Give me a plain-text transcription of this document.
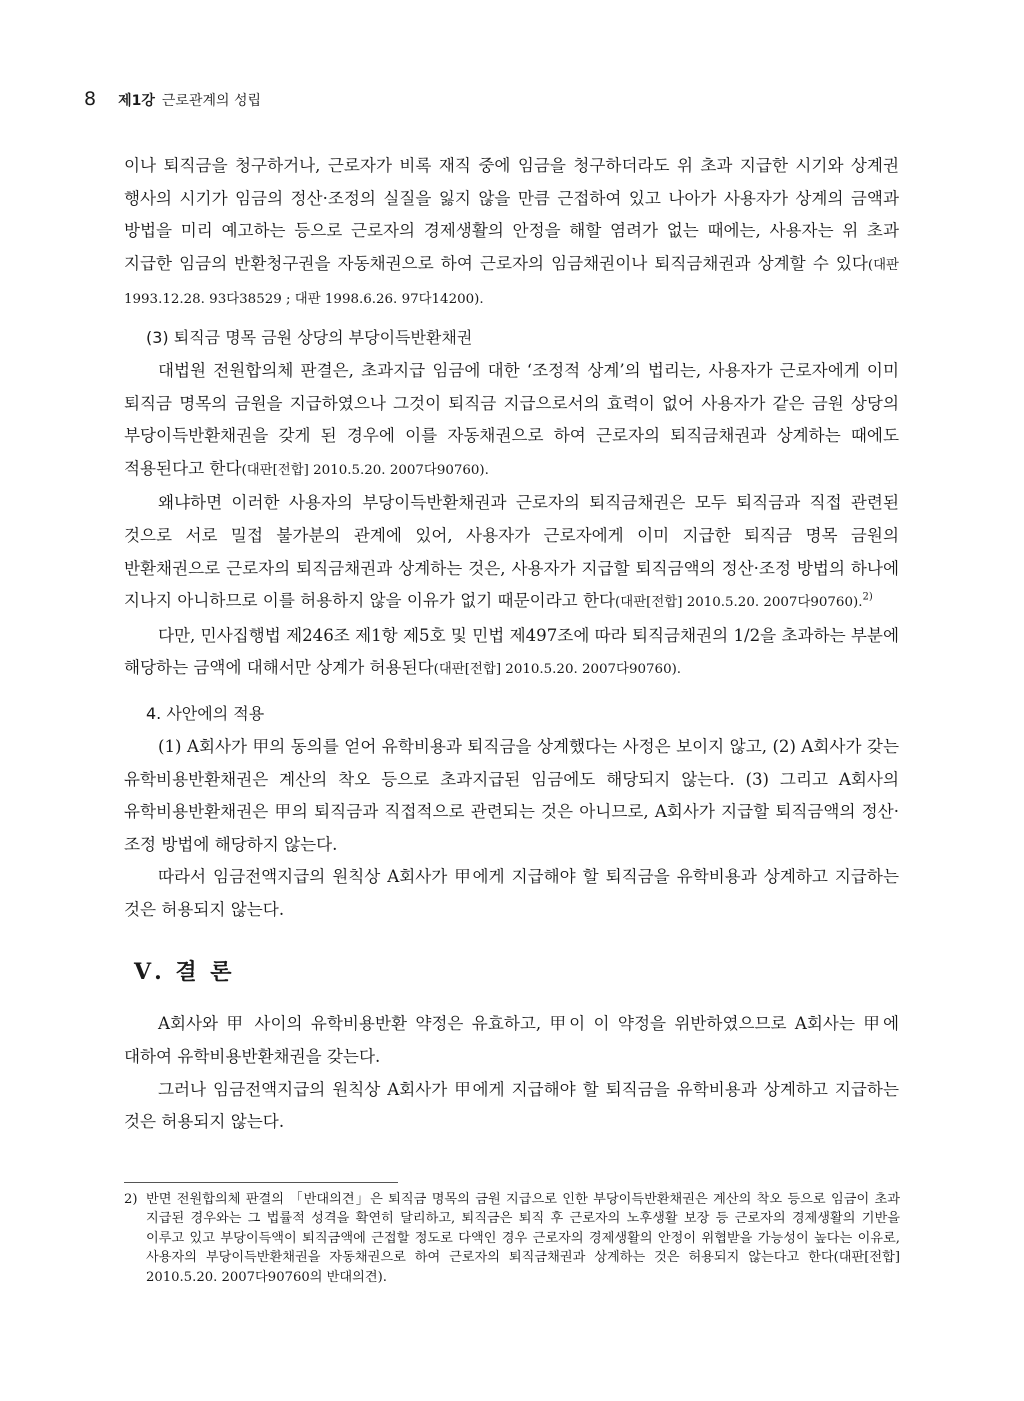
8 제1강 근로관계의 성립

이나 퇴직금을 청구하거나, 근로자가 비록 재직 중에 임금을 청구하더라도 위 초과 지급한 시기와 상계권 행사의 시기가 임금의 정산·조정의 실질을 잃지 않을 만큼 근접하여 있고 나아가 사용자가 상계의 금액과 방법을 미리 예고하는 등으로 근로자의 경제생활의 안정을 해할 염려가 없는 때에는, 사용자는 위 초과 지급한 임금의 반환청구권을 자동채권으로 하여 근로자의 임금채권이나 퇴직금채권과 상계할 수 있다(대판 1993.12.28. 93다38529 ; 대판 1998.6.26. 97다14200).

(3) 퇴직금 명목 금원 상당의 부당이득반환채권

대법원 전원합의체 판결은, 초과지급 임금에 대한 ‘조정적 상계’의 법리는, 사용자가 근로자에게 이미 퇴직금 명목의 금원을 지급하였으나 그것이 퇴직금 지급으로서의 효력이 없어 사용자가 같은 금원 상당의 부당이득반환채권을 갖게 된 경우에 이를 자동채권으로 하여 근로자의 퇴직금채권과 상계하는 때에도 적용된다고 한다(대판[전합] 2010.5.20. 2007다90760).

왜냐하면 이러한 사용자의 부당이득반환채권과 근로자의 퇴직금채권은 모두 퇴직금과 직접 관련된 것으로 서로 밀접 불가분의 관계에 있어, 사용자가 근로자에게 이미 지급한 퇴직금 명목 금원의 반환채권으로 근로자의 퇴직금채권과 상계하는 것은, 사용자가 지급할 퇴직금액의 정산·조정 방법의 하나에 지나지 아니하므로 이를 허용하지 않을 이유가 없기 때문이라고 한다(대판[전합] 2010.5.20. 2007다90760).$^{2)}$

다만, 민사집행법 제246조 제1항 제5호 및 민법 제497조에 따라 퇴직금채권의 1/2을 초과하는 부분에 해당하는 금액에 대해서만 상계가 허용된다(대판[전합] 2010.5.20. 2007다90760).

4. 사안에의 적용

(1) A회사가 甲의 동의를 얻어 유학비용과 퇴직금을 상계했다는 사정은 보이지 않고, (2) A회사가 갖는 유학비용반환채권은 계산의 착오 등으로 초과지급된 임금에도 해당되지 않는다. (3) 그리고 A회사의 유학비용반환채권은 甲의 퇴직금과 직접적으로 관련되는 것은 아니므로, A회사가 지급할 퇴직금액의 정산·조정 방법에 해당하지 않는다.

따라서 임금전액지급의 원칙상 A회사가 甲에게 지급해야 할 퇴직금을 유학비용과 상계하고 지급하는 것은 허용되지 않는다.

Ⅴ. 결 론

A회사와 甲 사이의 유학비용반환 약정은 유효하고, 甲이 이 약정을 위반하였으므로 A회사는 甲에 대하여 유학비용반환채권을 갖는다.

그러나 임금전액지급의 원칙상 A회사가 甲에게 지급해야 할 퇴직금을 유학비용과 상계하고 지급하는 것은 허용되지 않는다.

2) 반면 전원합의체 판결의 「반대의견」은 퇴직금 명목의 금원 지급으로 인한 부당이득반환채권은 계산의 착오 등으로 임금이 초과 지급된 경우와는 그 법률적 성격을 확연히 달리하고, 퇴직금은 퇴직 후 근로자의 노후생활 보장 등 근로자의 경제생활의 기반을 이루고 있고 부당이득액이 퇴직금액에 근접할 정도로 다액인 경우 근로자의 경제생활의 안정이 위협받을 가능성이 높다는 이유로, 사용자의 부당이득반환채권을 자동채권으로 하여 근로자의 퇴직금채권과 상계하는 것은 허용되지 않는다고 한다(대판[전합] 2010.5.20. 2007다90760의 반대의견).
